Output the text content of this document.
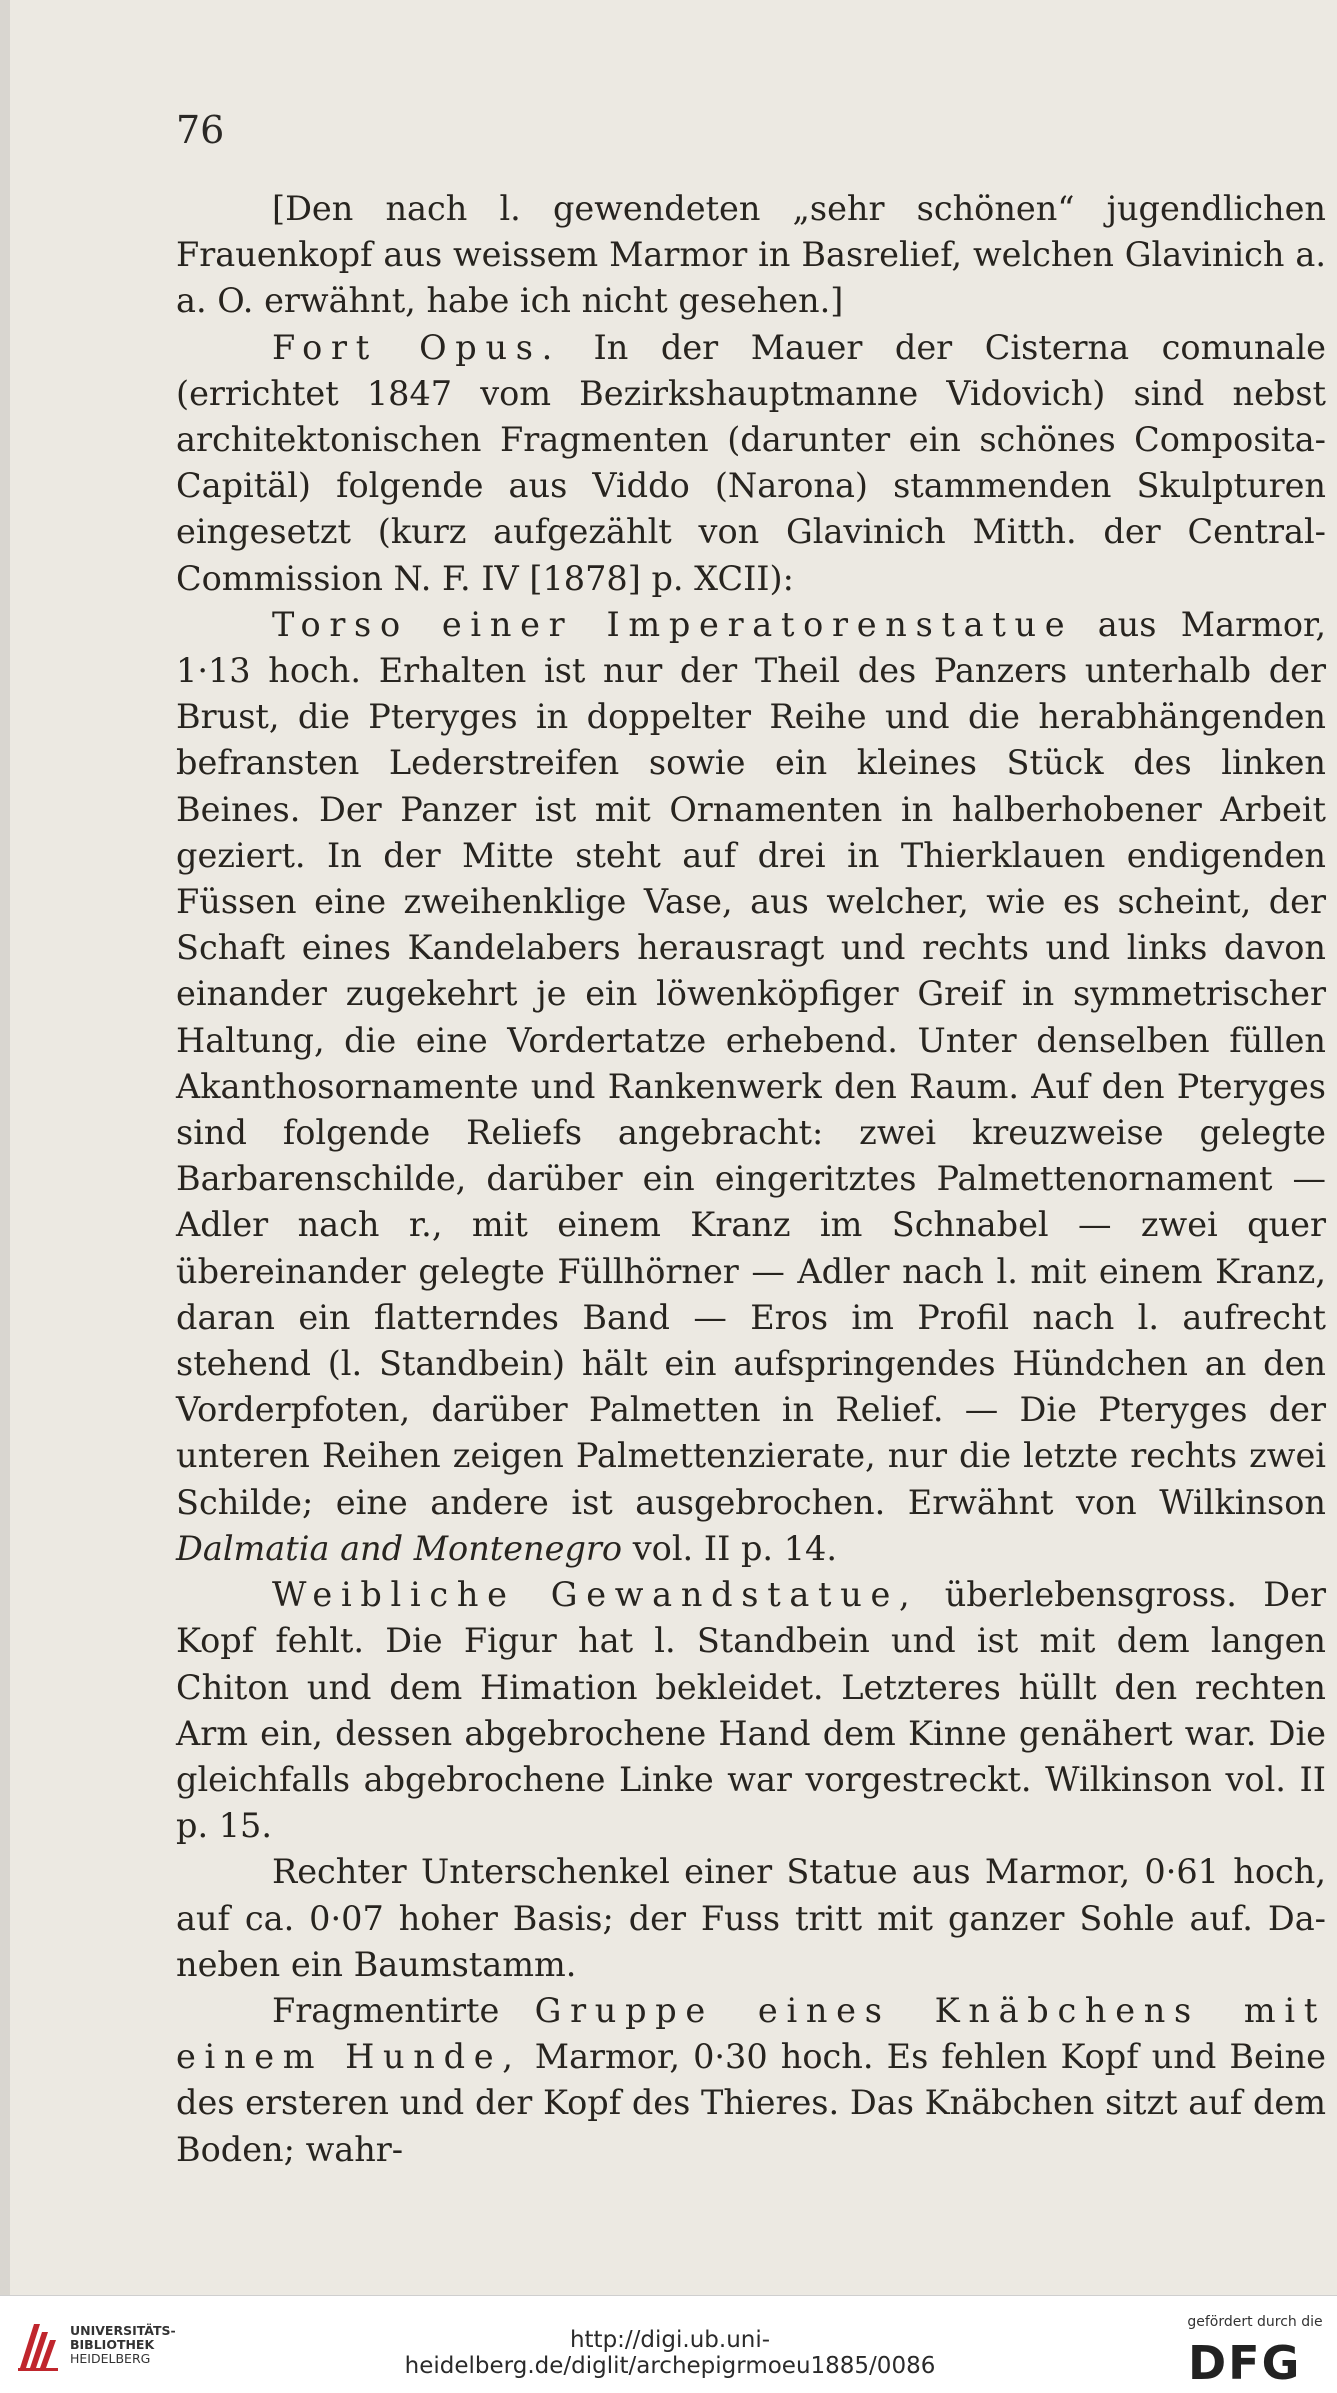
76

[Den nach l. gewendeten „sehr schönen“ jugendlichen Frauenkopf aus weissem Marmor in Basrelief, welchen Glavinich a. a. O. erwähnt, habe ich nicht gesehen.]

Fort Opus. In der Mauer der Cisterna comunale (errichtet 1847 vom Bezirkshauptmanne Vidovich) sind nebst architektonischen Fragmenten (darunter ein schönes Composita-Capitäl) folgende aus Viddo (Narona) stammenden Skulpturen eingesetzt (kurz aufgezählt von Glavinich Mitth. der Central-Commission N. F. IV [1878] p. XCII):

Torso einer Imperatorenstatue aus Marmor, 1·13 hoch. Erhalten ist nur der Theil des Panzers unterhalb der Brust, die Pteryges in doppelter Reihe und die herabhängenden befransten Lederstreifen sowie ein kleines Stück des linken Beines. Der Panzer ist mit Ornamenten in halberhobener Arbeit geziert. In der Mitte steht auf drei in Thierklauen endigenden Füssen eine zweihenklige Vase, aus welcher, wie es scheint, der Schaft eines Kandelabers herausragt und rechts und links davon einander zugekehrt je ein löwenköpfiger Greif in symmetrischer Haltung, die eine Vordertatze erhebend. Unter denselben füllen Akanthosornamente und Rankenwerk den Raum. Auf den Pteryges sind folgende Reliefs angebracht: zwei kreuzweise gelegte Barbarenschilde, darüber ein eingeritztes Palmettenornament — Adler nach r., mit einem Kranz im Schnabel — zwei quer übereinander gelegte Füllhörner — Adler nach l. mit einem Kranz, daran ein flatterndes Band — Eros im Profil nach l. aufrecht stehend (l. Standbein) hält ein aufspringendes Hündchen an den Vorderpfoten, darüber Palmetten in Relief. — Die Pteryges der unteren Reihen zeigen Palmettenzierate, nur die letzte rechts zwei Schilde; eine andere ist ausgebrochen. Erwähnt von Wilkinson Dalmatia and Montenegro vol. II p. 14.

Weibliche Gewandstatue, überlebensgross. Der Kopf fehlt. Die Figur hat l. Standbein und ist mit dem langen Chiton und dem Himation bekleidet. Letzteres hüllt den rechten Arm ein, dessen abgebrochene Hand dem Kinne genähert war. Die gleichfalls abgebrochene Linke war vorgestreckt. Wilkinson vol. II p. 15.

Rechter Unterschenkel einer Statue aus Marmor, 0·61 hoch, auf ca. 0·07 hoher Basis; der Fuss tritt mit ganzer Sohle auf. Daneben ein Baumstamm.

Fragmentirte Gruppe eines Knäbchens mit einem Hunde, Marmor, 0·30 hoch. Es fehlen Kopf und Beine des ersteren und der Kopf des Thieres. Das Knäbchen sitzt auf dem Boden; wahr-

UNIVERSITÄTS-
BIBLIOTHEK
HEIDELBERG
http://digi.ub.uni-heidelberg.de/diglit/archepigrmoeu1885/0086
gefördert durch die
DFG
